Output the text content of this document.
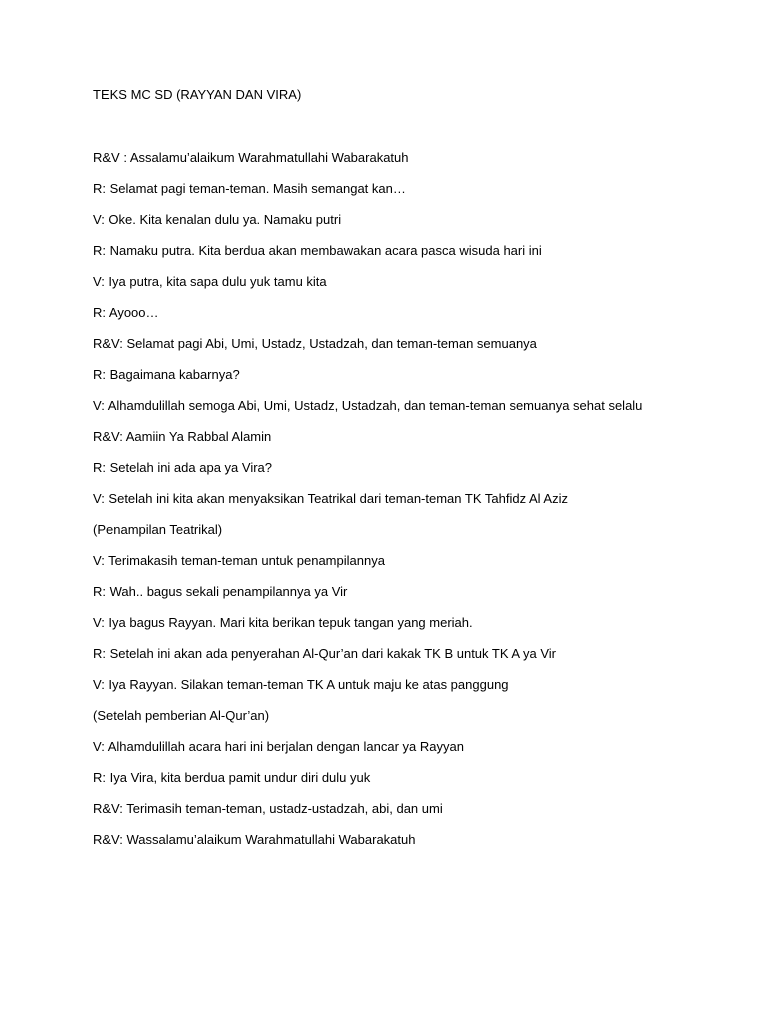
TEKS MC SD (RAYYAN DAN VIRA)
R&V : Assalamu’alaikum Warahmatullahi Wabarakatuh
R: Selamat pagi teman-teman. Masih semangat kan…
V: Oke. Kita kenalan dulu ya. Namaku putri
R: Namaku putra. Kita berdua akan membawakan acara pasca wisuda hari ini
V: Iya putra, kita sapa dulu yuk tamu kita
R: Ayooo…
R&V: Selamat pagi Abi, Umi, Ustadz, Ustadzah, dan teman-teman semuanya
R: Bagaimana kabarnya?
V: Alhamdulillah semoga Abi, Umi, Ustadz, Ustadzah, dan teman-teman semuanya sehat selalu
R&V: Aamiin Ya Rabbal Alamin
R: Setelah ini ada apa ya Vira?
V: Setelah ini kita akan menyaksikan Teatrikal dari teman-teman TK Tahfidz Al Aziz
(Penampilan Teatrikal)
V: Terimakasih teman-teman untuk penampilannya
R: Wah.. bagus sekali penampilannya ya Vir
V: Iya bagus Rayyan. Mari kita berikan tepuk tangan yang meriah.
R: Setelah ini akan ada penyerahan Al-Qur’an dari kakak TK B untuk TK A ya Vir
V: Iya Rayyan. Silakan teman-teman TK A untuk maju ke atas panggung
(Setelah pemberian Al-Qur’an)
V: Alhamdulillah acara hari ini berjalan dengan lancar ya Rayyan
R: Iya Vira, kita berdua pamit undur diri dulu yuk
R&V: Terimasih teman-teman, ustadz-ustadzah, abi, dan umi
R&V: Wassalamu’alaikum Warahmatullahi Wabarakatuh
